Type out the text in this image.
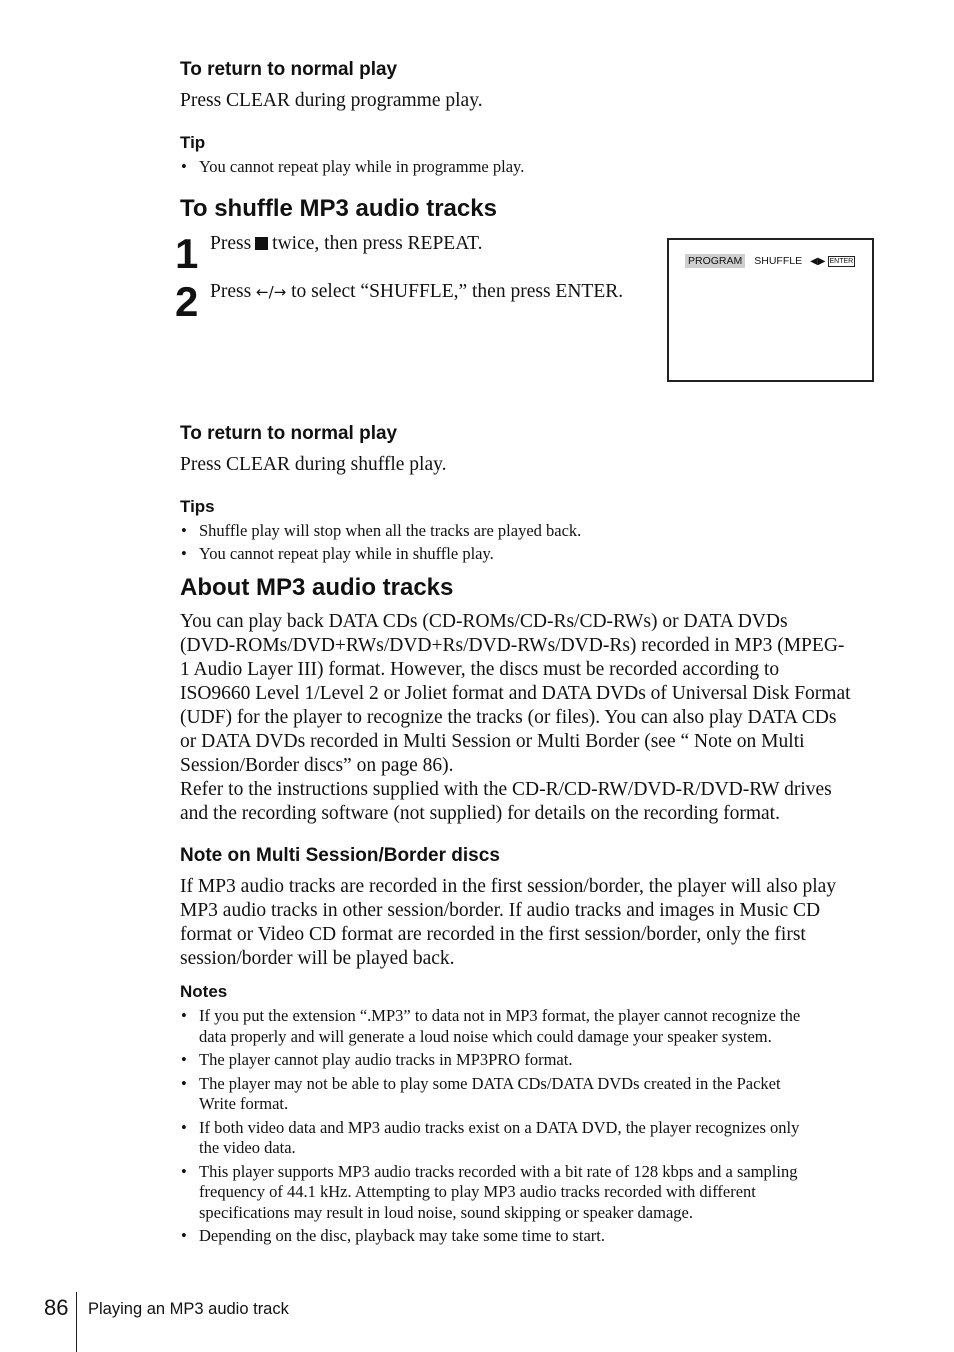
To return to normal play
Press CLEAR during programme play.
Tip
• You cannot repeat play while in programme play.
To shuffle MP3 audio tracks
1 Press twice, then press REPEAT.
2 Press ←/→ to select “SHUFFLE,” then press ENTER.
PROGRAM SHUFFLE ◀▶ ENTER
To return to normal play
Press CLEAR during shuffle play.
Tips
• Shuffle play will stop when all the tracks are played back.
• You cannot repeat play while in shuffle play.
About MP3 audio tracks
You can play back DATA CDs (CD-ROMs/CD-Rs/CD-RWs) or DATA DVDs
(DVD-ROMs/DVD+RWs/DVD+Rs/DVD-RWs/DVD-Rs) recorded in MP3 (MPEG-
1 Audio Layer III) format. However, the discs must be recorded according to
ISO9660 Level 1/Level 2 or Joliet format and DATA DVDs of Universal Disk Format
(UDF) for the player to recognize the tracks (or files). You can also play DATA CDs
or DATA DVDs recorded in Multi Session or Multi Border (see “ Note on Multi
Session/Border discs” on page 86).
Refer to the instructions supplied with the CD-R/CD-RW/DVD-R/DVD-RW drives
and the recording software (not supplied) for details on the recording format.
Note on Multi Session/Border discs
If MP3 audio tracks are recorded in the first session/border, the player will also play
MP3 audio tracks in other session/border. If audio tracks and images in Music CD
format or Video CD format are recorded in the first session/border, only the first
session/border will be played back.
Notes
• If you put the extension “.MP3” to data not in MP3 format, the player cannot recognize the
data properly and will generate a loud noise which could damage your speaker system.
• The player cannot play audio tracks in MP3PRO format.
• The player may not be able to play some DATA CDs/DATA DVDs created in the Packet
Write format.
• If both video data and MP3 audio tracks exist on a DATA DVD, the player recognizes only
the video data.
• This player supports MP3 audio tracks recorded with a bit rate of 128 kbps and a sampling
frequency of 44.1 kHz. Attempting to play MP3 audio tracks recorded with different
specifications may result in loud noise, sound skipping or speaker damage.
• Depending on the disc, playback may take some time to start.
86 Playing an MP3 audio track
